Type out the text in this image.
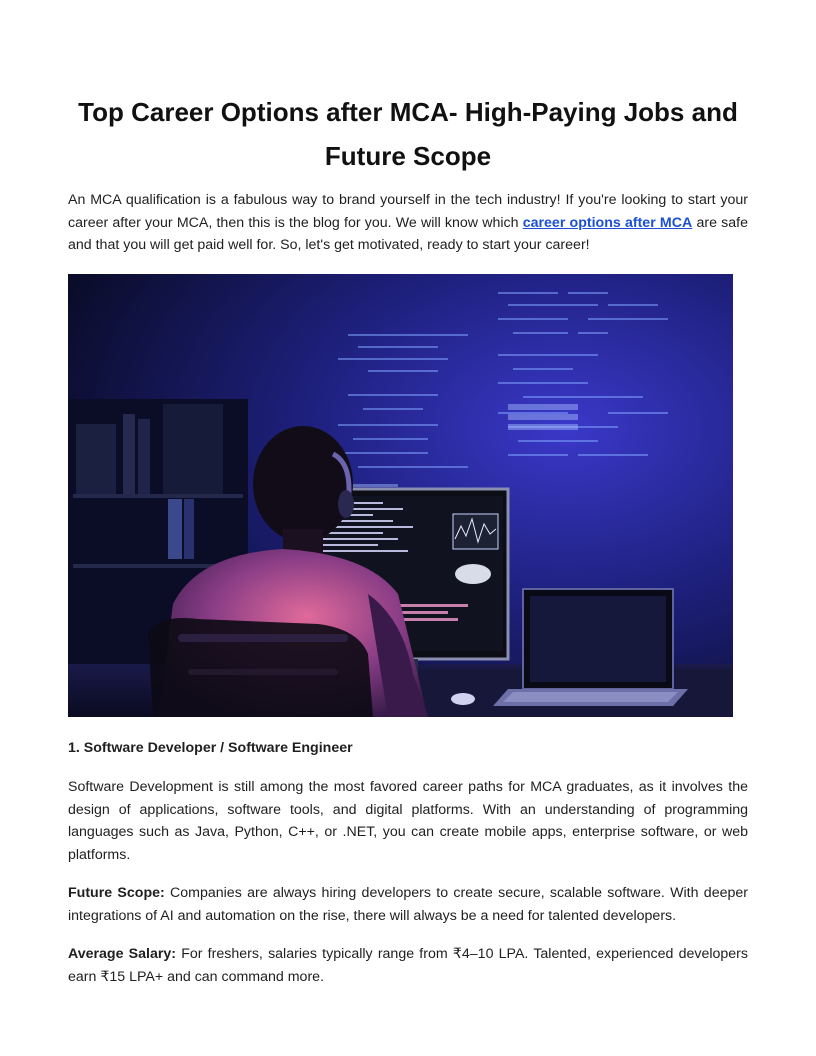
Top Career Options after MCA- High-Paying Jobs and Future Scope

An MCA qualification is a fabulous way to brand yourself in the tech industry! If you're looking to start your career after your MCA, then this is the blog for you. We will know which career options after MCA are safe and that you will get paid well for. So, let's get motivated, ready to start your career!

1. Software Developer / Software Engineer

Software Development is still among the most favored career paths for MCA graduates, as it involves the design of applications, software tools, and digital platforms. With an understanding of programming languages such as Java, Python, C++, or .NET, you can create mobile apps, enterprise software, or web platforms.

Future Scope: Companies are always hiring developers to create secure, scalable software. With deeper integrations of AI and automation on the rise, there will always be a need for talented developers.

Average Salary: For freshers, salaries typically range from ₹4–10 LPA. Talented, experienced developers earn ₹15 LPA+ and can command more.
